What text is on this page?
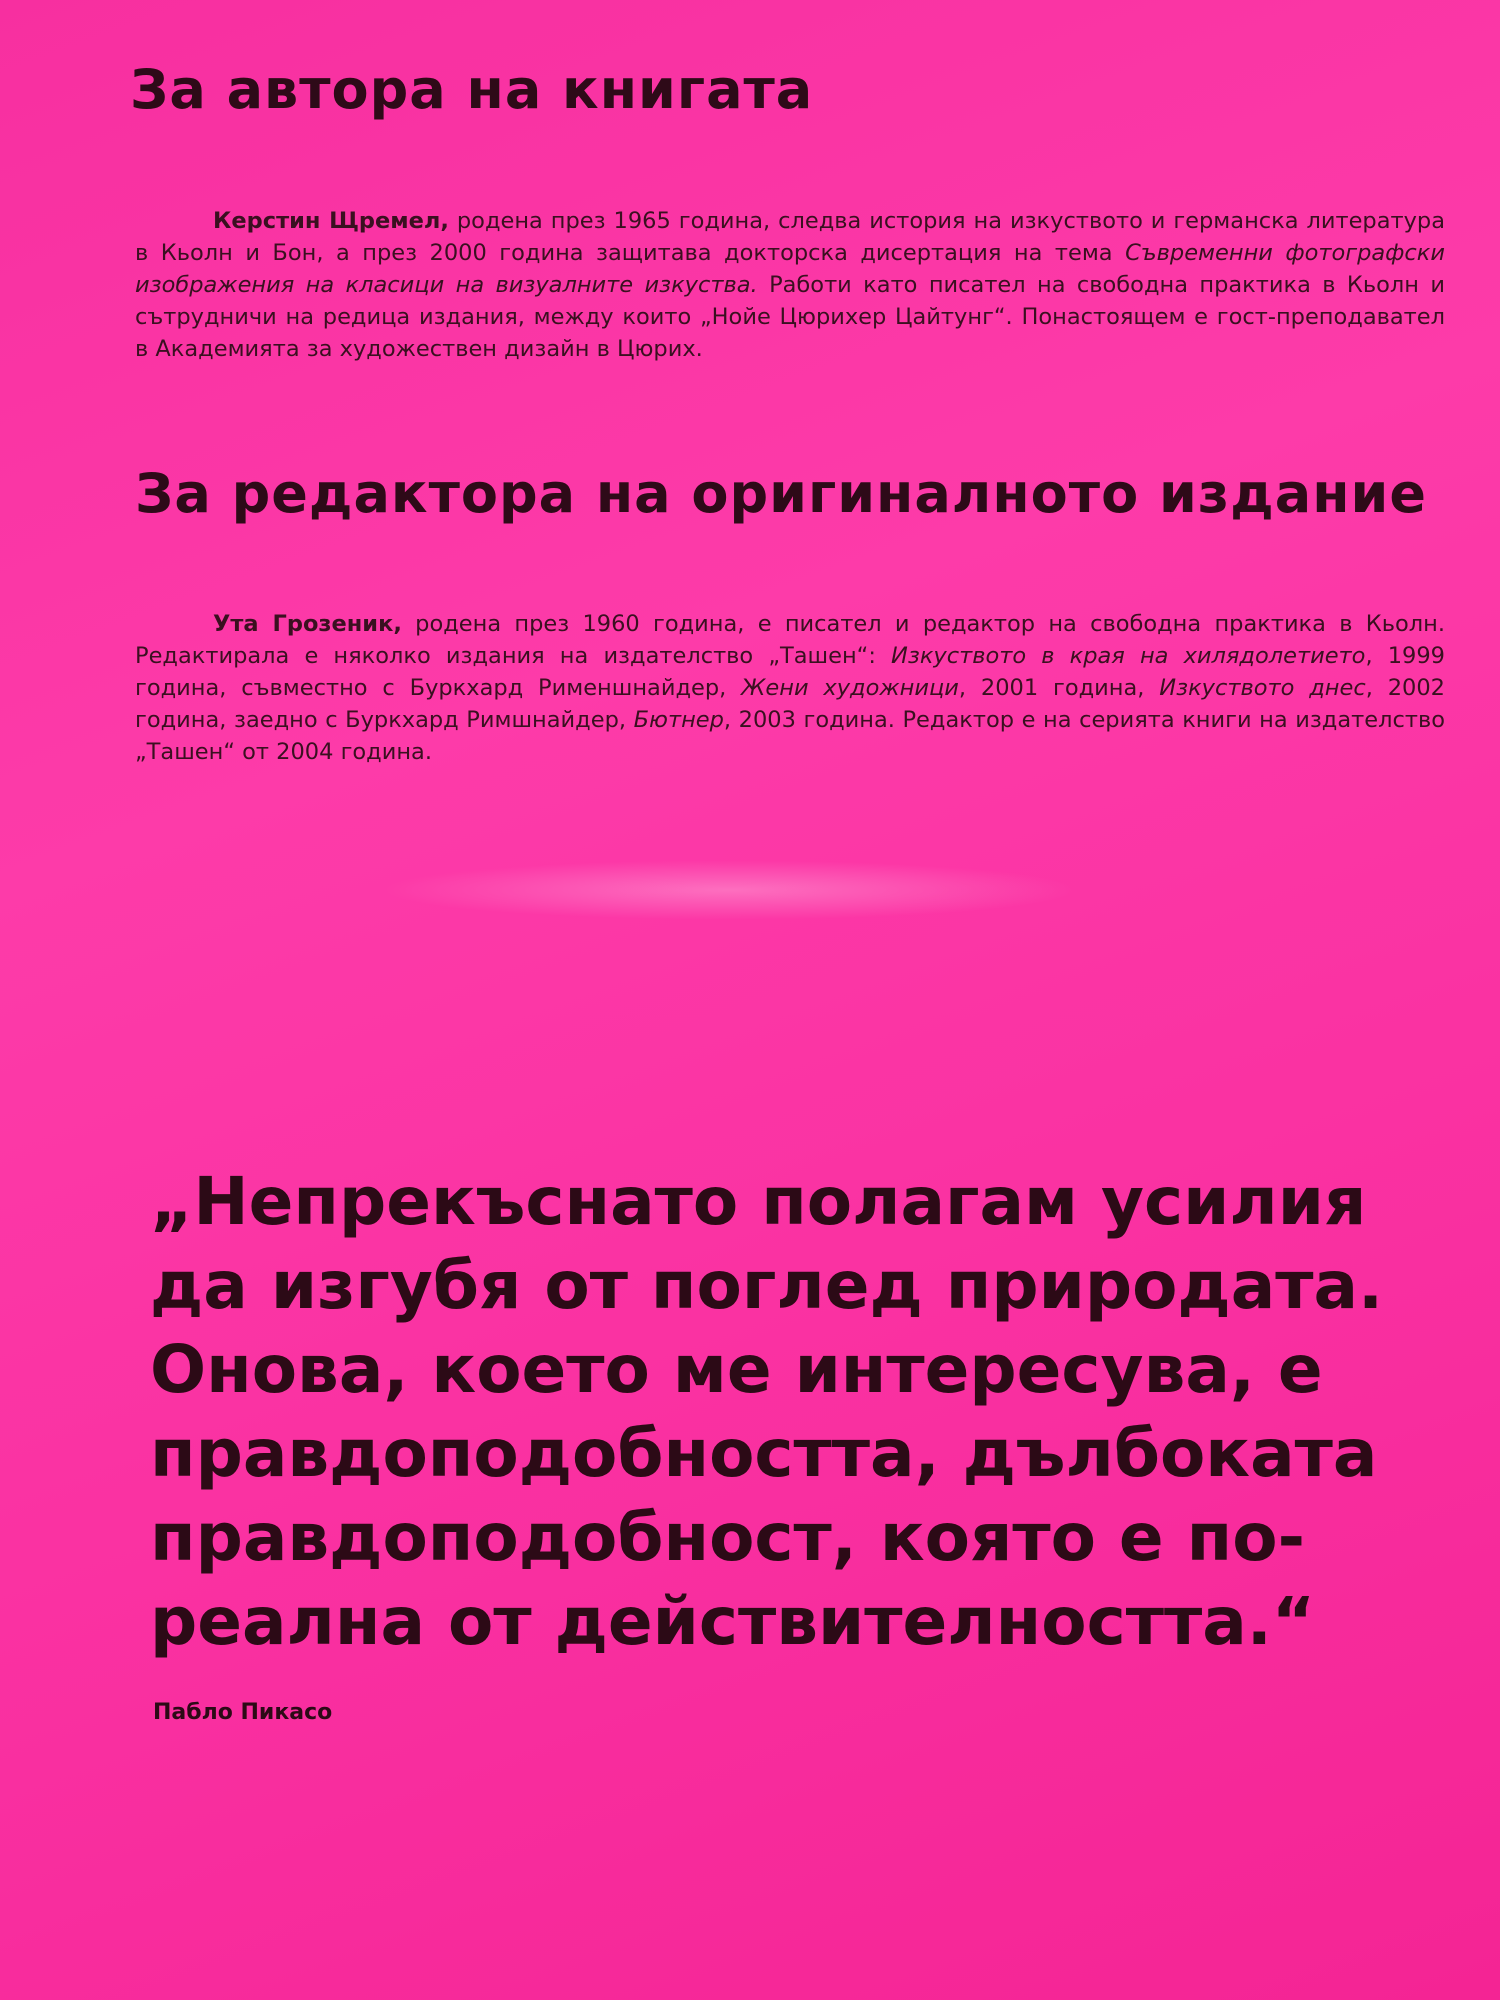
За автора на книгата

Керстин Щремел, родена през 1965 година, следва история на изкуството и германска литература в Кьолн и Бон, а през 2000 година защитава докторска дисертация на тема Съвременни фотографски изображения на класици на визуалните изкуства. Работи като писател на свободна практика в Кьолн и сътрудничи на редица издания, между които „Нойе Цюрихер Цайтунг“. Понастоящем е гост-преподавател в Академията за художествен дизайн в Цюрих.

За редактора на оригиналното издание

Ута Грозеник, родена през 1960 година, е писател и редактор на свободна практика в Кьолн. Редактирала е няколко издания на издателство „Ташен“: Изкуството в края на хилядолетието, 1999 година, съвместно с Буркхард Рименшнайдер, Жени художници, 2001 година, Изкуството днес, 2002 година, заедно с Буркхард Римшнайдер, Бютнер, 2003 година. Редактор е на серията книги на издателство „Ташен“ от 2004 година.

„Непрекъснато полагам усилия да изгубя от поглед природата. Онова, което ме интересува, е правдоподобността, дълбоката правдоподобност, която е по-реална от действителността.“

Пабло Пикасо
